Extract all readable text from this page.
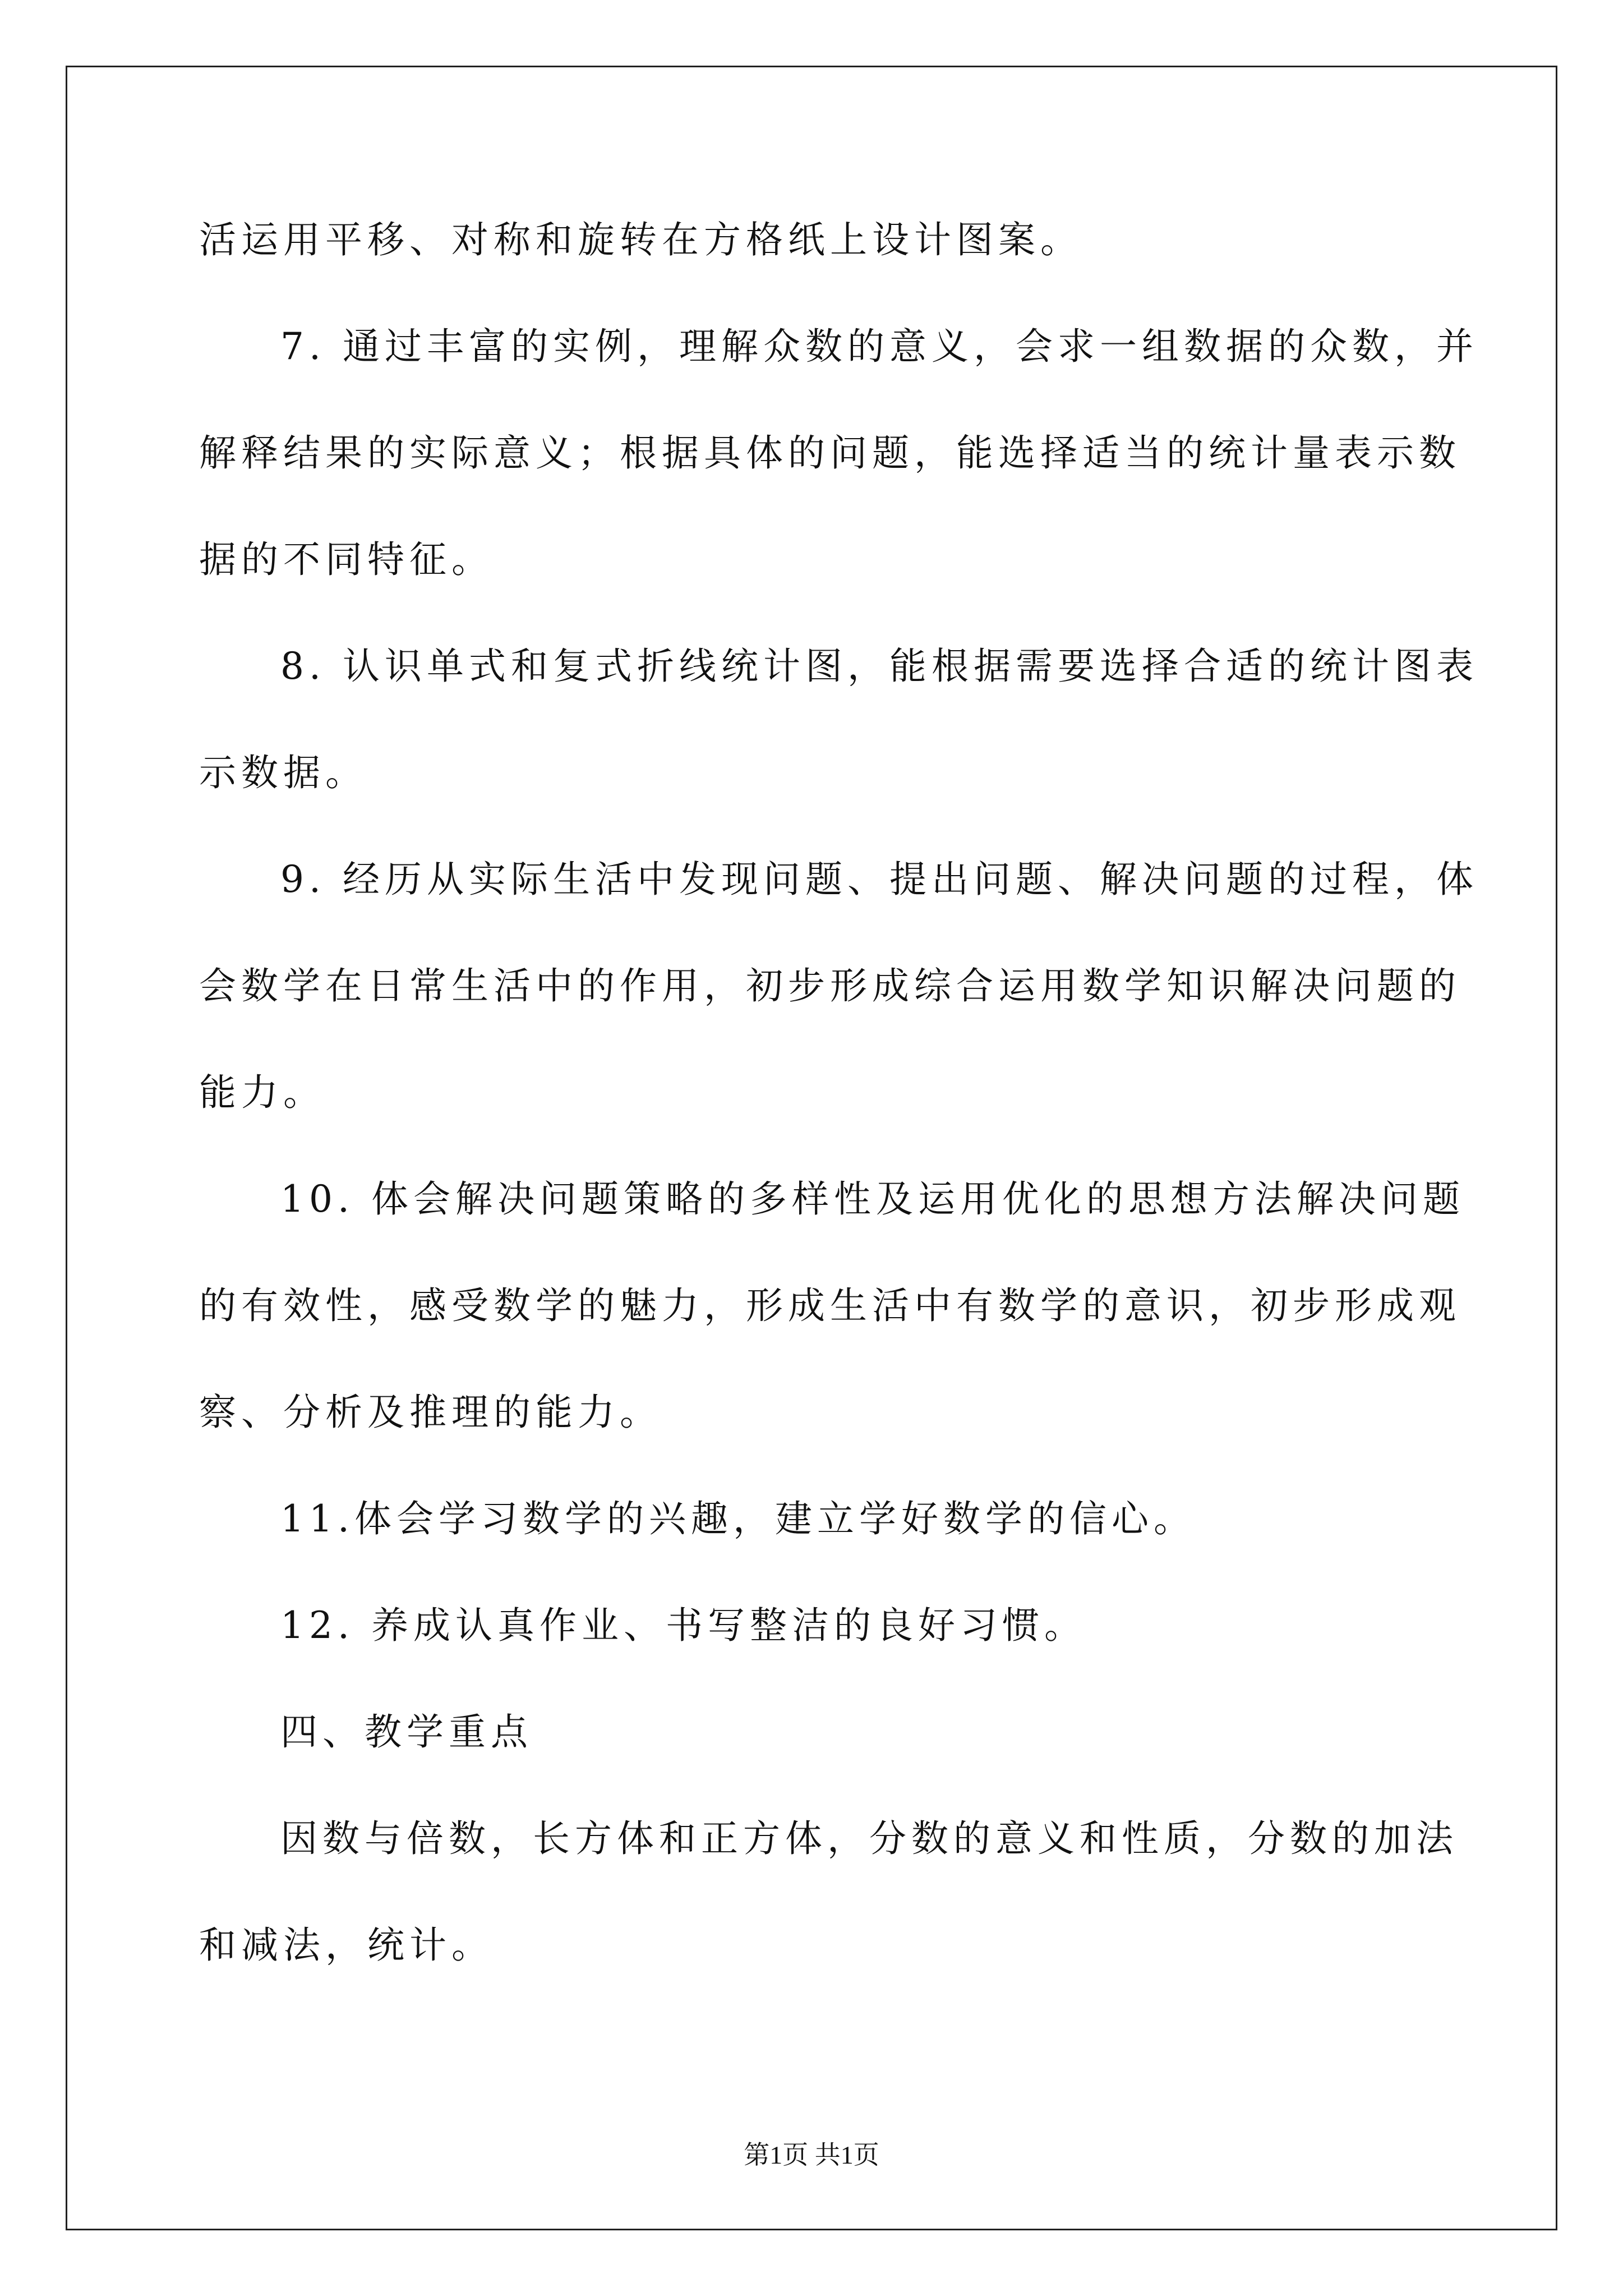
活运用平移、对称和旋转在方格纸上设计图案。
7. 通过丰富的实例，理解众数的意义，会求一组数据的众数，并
解释结果的实际意义；根据具体的问题，能选择适当的统计量表示数
据的不同特征。
8. 认识单式和复式折线统计图，能根据需要选择合适的统计图表
示数据。
9. 经历从实际生活中发现问题、提出问题、解决问题的过程，体
会数学在日常生活中的作用，初步形成综合运用数学知识解决问题的
能力。
10. 体会解决问题策略的多样性及运用优化的思想方法解决问题
的有效性，感受数学的魅力，形成生活中有数学的意识，初步形成观
察、分析及推理的能力。
11.体会学习数学的兴趣，建立学好数学的信心。
12. 养成认真作业、书写整洁的良好习惯。
四、教学重点
因数与倍数，长方体和正方体，分数的意义和性质，分数的加法
和减法，统计。
第1页 共1页
